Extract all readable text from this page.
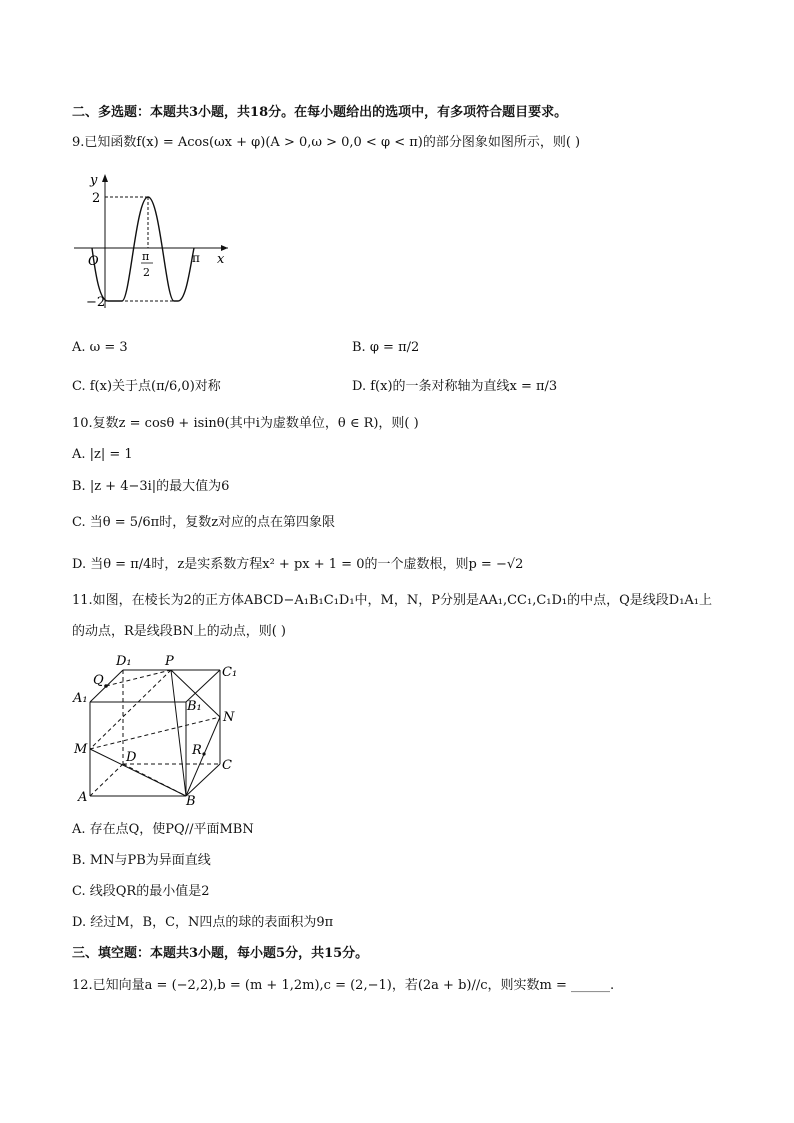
二、多选题：本题共3小题，共18分。在每小题给出的选项中，有多项符合题目要求。
9.已知函数f(x) = Acos(ωx + φ)(A > 0,ω > 0,0 < φ < π)的部分图象如图所示，则( )
y
x
O
2
−2
π
2
π
A. ω = 3	B. φ = π/2
C. f(x)关于点(π/6,0)对称	D. f(x)的一条对称轴为直线x = π/3
10.复数z = cosθ + isinθ(其中i为虚数单位，θ ∈ R)，则( )
A. |z| = 1
B. |z + 4−3i|的最大值为6
C. 当θ = 5/6π时，复数z对应的点在第四象限
D. 当θ = π/4时，z是实系数方程x² + px + 1 = 0的一个虚数根，则p = −√2
11.如图，在棱长为2的正方体ABCD−A₁B₁C₁D₁中，M，N，P分别是AA₁,CC₁,C₁D₁的中点，Q是线段D₁A₁上
的动点，R是线段BN上的动点，则( )
D₁	P
C₁
Q
A₁
B₁
N
M
D	R
C
A	B
A. 存在点Q，使PQ//平面MBN
B. MN与PB为异面直线
C. 线段QR的最小值是2
D. 经过M，B，C，N四点的球的表面积为9π
三、填空题：本题共3小题，每小题5分，共15分。
12.已知向量a = (−2,2),b = (m + 1,2m),c = (2,−1)，若(2a + b)//c，则实数m = ______.
